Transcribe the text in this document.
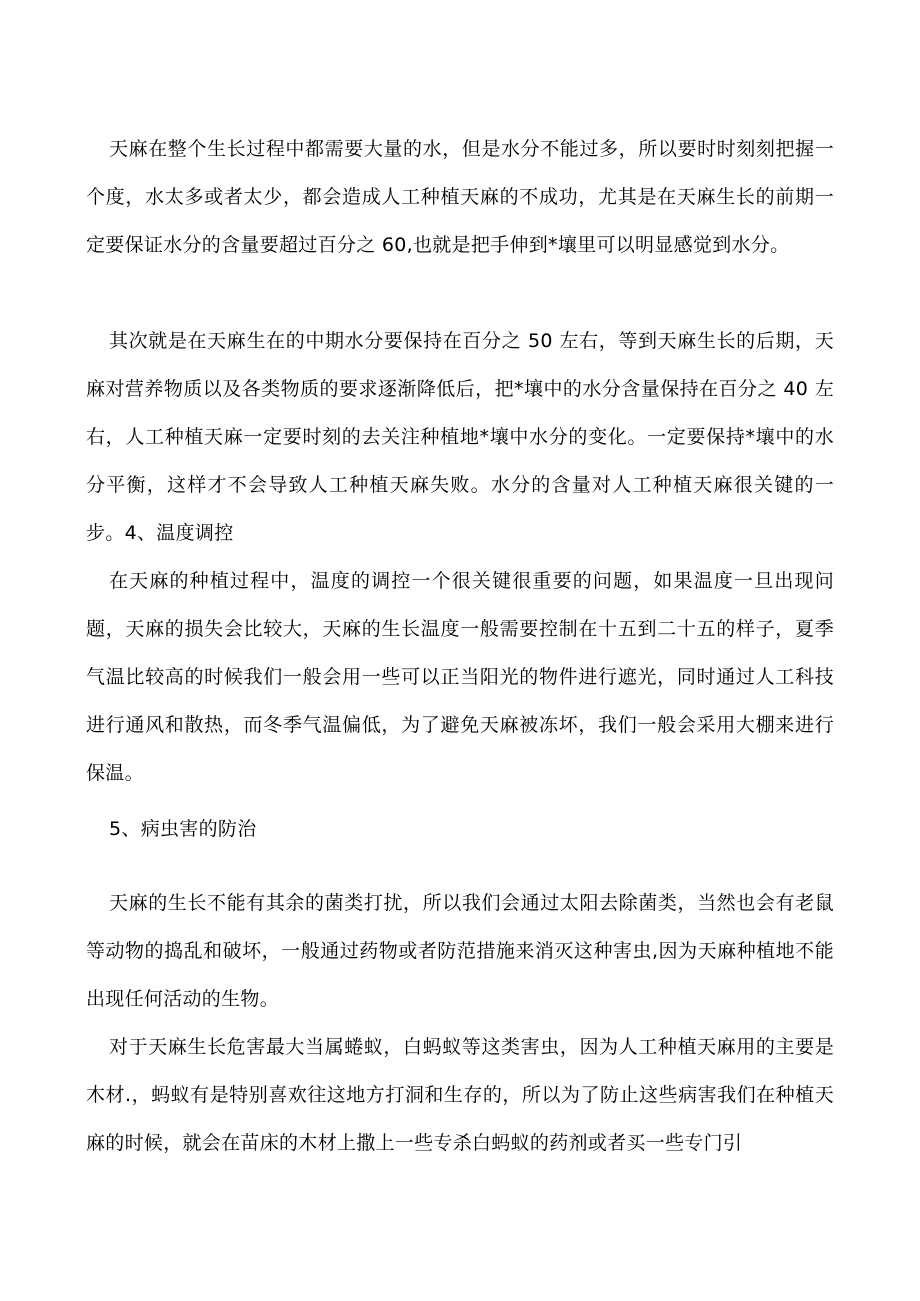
天麻在整个生长过程中都需要大量的水，但是水分不能过多，所以要时时刻刻把握一个度，水太多或者太少，都会造成人工种植天麻的不成功，尤其是在天麻生长的前期一定要保证水分的含量要超过百分之 60,也就是把手伸到*壤里可以明显感觉到水分。

其次就是在天麻生在的中期水分要保持在百分之 50 左右，等到天麻生长的后期，天麻对营养物质以及各类物质的要求逐渐降低后，把*壤中的水分含量保持在百分之 40 左右，人工种植天麻一定要时刻的去关注种植地*壤中水分的变化。一定要保持*壤中的水分平衡，这样才不会导致人工种植天麻失败。水分的含量对人工种植天麻很关键的一步。4、温度调控

在天麻的种植过程中，温度的调控一个很关键很重要的问题，如果温度一旦出现问题，天麻的损失会比较大，天麻的生长温度一般需要控制在十五到二十五的样子，夏季气温比较高的时候我们一般会用一些可以正当阳光的物件进行遮光，同时通过人工科技进行通风和散热，而冬季气温偏低，为了避免天麻被冻坏，我们一般会采用大棚来进行保温。

5、病虫害的防治

天麻的生长不能有其余的菌类打扰，所以我们会通过太阳去除菌类，当然也会有老鼠等动物的捣乱和破坏，一般通过药物或者防范措施来消灭这种害虫,因为天麻种植地不能出现任何活动的生物。

对于天麻生长危害最大当属蜷蚁，白蚂蚁等这类害虫，因为人工种植天麻用的主要是木材.，蚂蚁有是特别喜欢往这地方打洞和生存的，所以为了防止这些病害我们在种植天麻的时候，就会在苗床的木材上撒上一些专杀白蚂蚁的药剂或者买一些专门引
